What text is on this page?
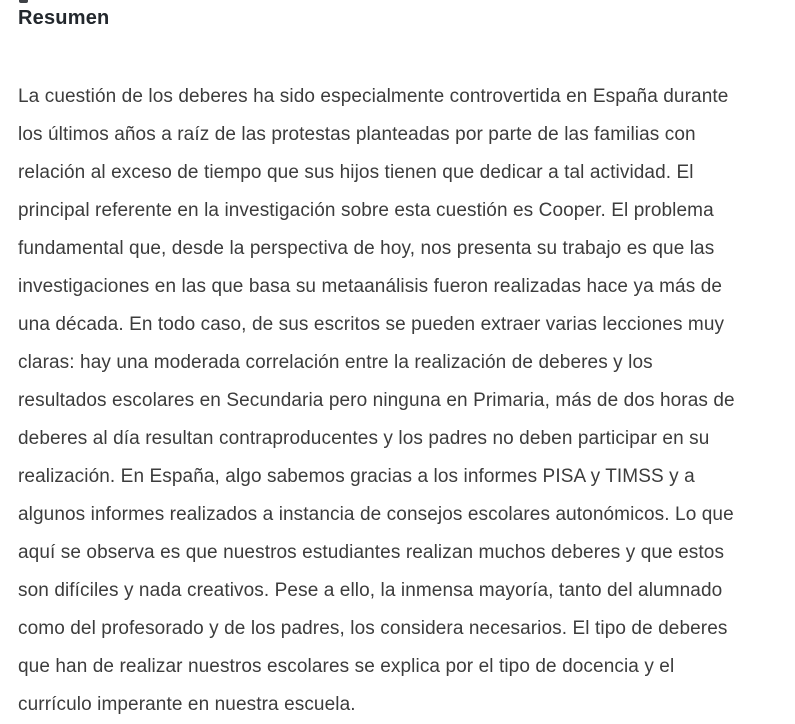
Resumen
La cuestión de los deberes ha sido especialmente controvertida en España durante
los últimos años a raíz de las protestas planteadas por parte de las familias con
relación al exceso de tiempo que sus hijos tienen que dedicar a tal actividad. El
principal referente en la investigación sobre esta cuestión es Cooper. El problema
fundamental que, desde la perspectiva de hoy, nos presenta su trabajo es que las
investigaciones en las que basa su metaanálisis fueron realizadas hace ya más de
una década. En todo caso, de sus escritos se pueden extraer varias lecciones muy
claras: hay una moderada correlación entre la realización de deberes y los
resultados escolares en Secundaria pero ninguna en Primaria, más de dos horas de
deberes al día resultan contraproducentes y los padres no deben participar en su
realización. En España, algo sabemos gracias a los informes PISA y TIMSS y a
algunos informes realizados a instancia de consejos escolares autonómicos. Lo que
aquí se observa es que nuestros estudiantes realizan muchos deberes y que estos
son difíciles y nada creativos. Pese a ello, la inmensa mayoría, tanto del alumnado
como del profesorado y de los padres, los considera necesarios. El tipo de deberes
que han de realizar nuestros escolares se explica por el tipo de docencia y el
currículo imperante en nuestra escuela.
